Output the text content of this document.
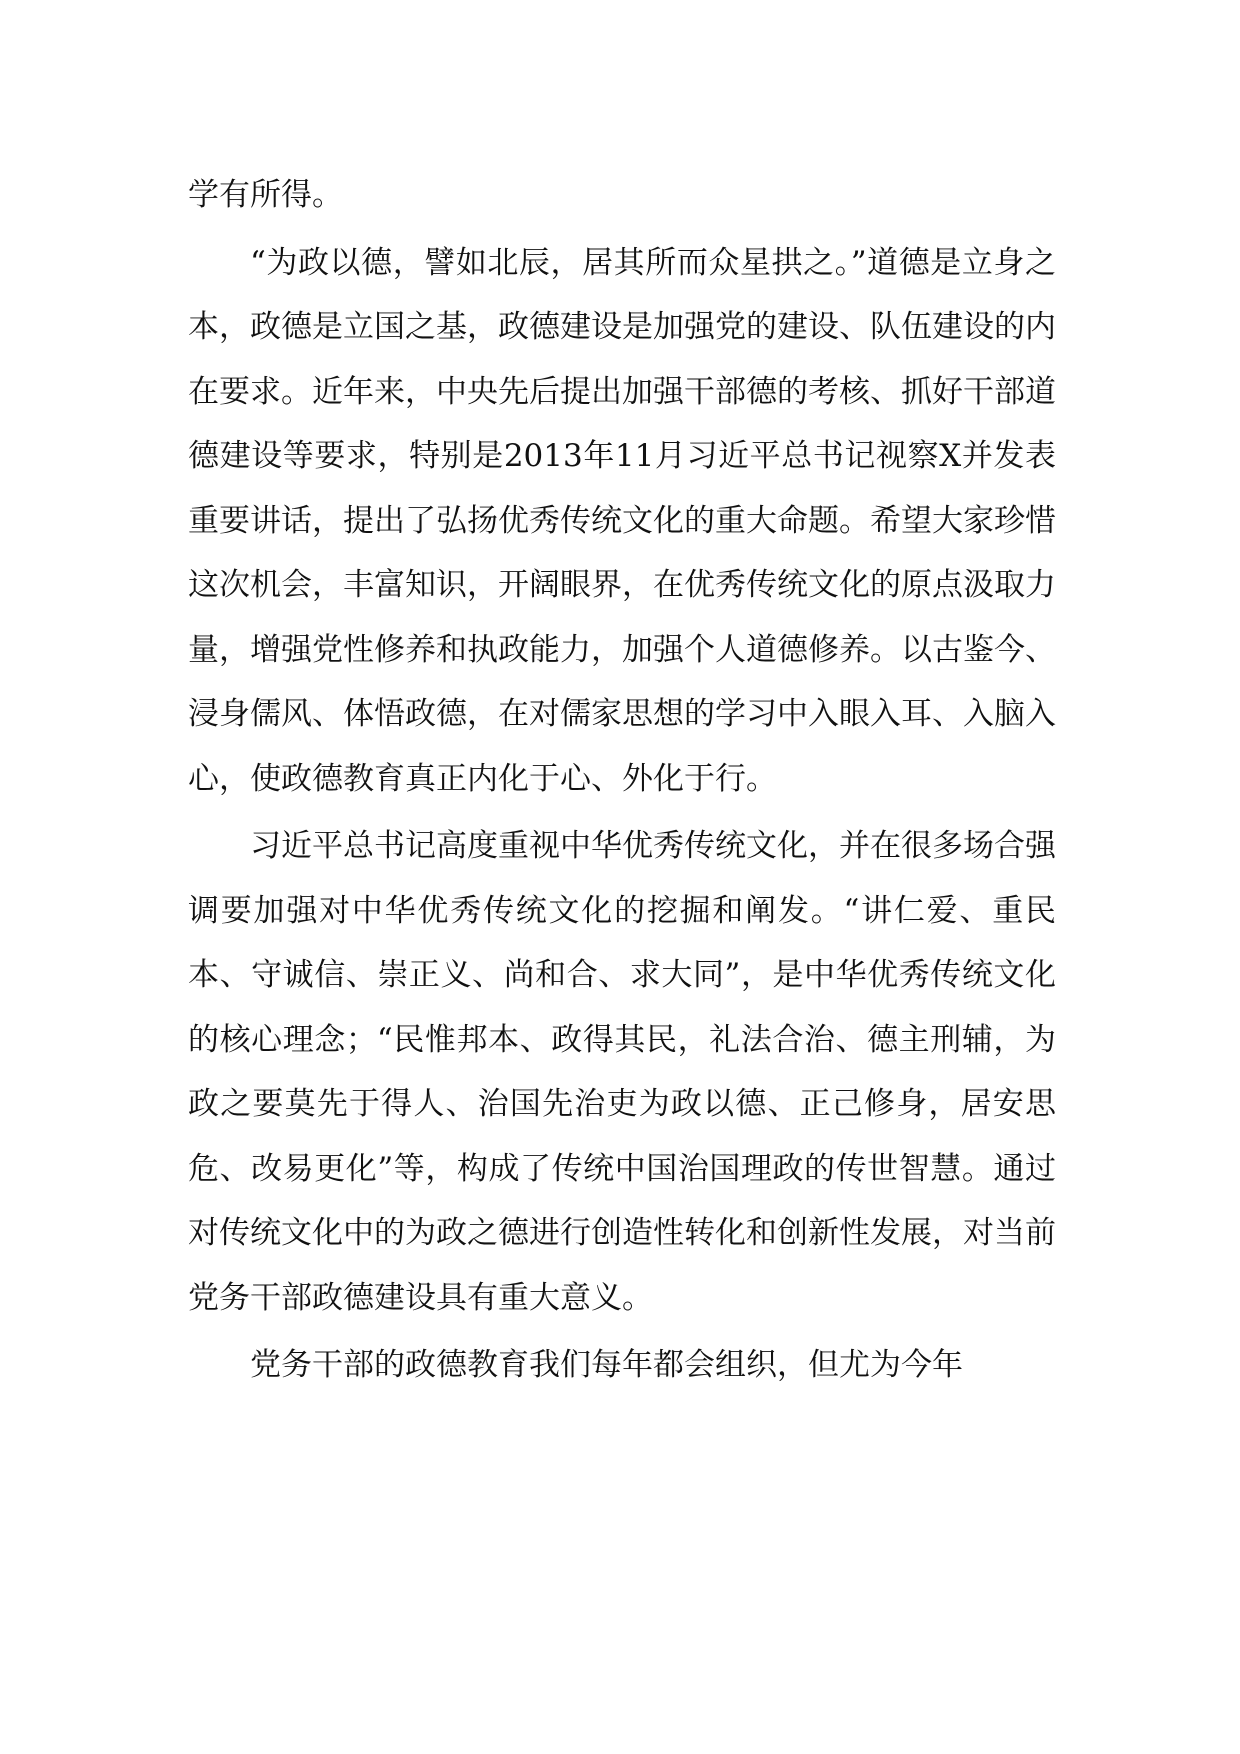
学有所得。

“为政以德，譬如北辰，居其所而众星拱之。”道德是立身之本，政德是立国之基，政德建设是加强党的建设、队伍建设的内在要求。近年来，中央先后提出加强干部德的考核、抓好干部道德建设等要求，特别是2013年11月习近平总书记视察X并发表重要讲话，提出了弘扬优秀传统文化的重大命题。希望大家珍惜这次机会，丰富知识，开阔眼界，在优秀传统文化的原点汲取力量，增强党性修养和执政能力，加强个人道德修养。以古鉴今、浸身儒风、体悟政德，在对儒家思想的学习中入眼入耳、入脑入心，使政德教育真正内化于心、外化于行。

习近平总书记高度重视中华优秀传统文化，并在很多场合强调要加强对中华优秀传统文化的挖掘和阐发。“讲仁爱、重民本、守诚信、崇正义、尚和合、求大同”，是中华优秀传统文化的核心理念；“民惟邦本、政得其民，礼法合治、德主刑辅，为政之要莫先于得人、治国先治吏为政以德、正己修身，居安思危、改易更化”等，构成了传统中国治国理政的传世智慧。通过对传统文化中的为政之德进行创造性转化和创新性发展，对当前党务干部政德建设具有重大意义。

党务干部的政德教育我们每年都会组织，但尤为今年
